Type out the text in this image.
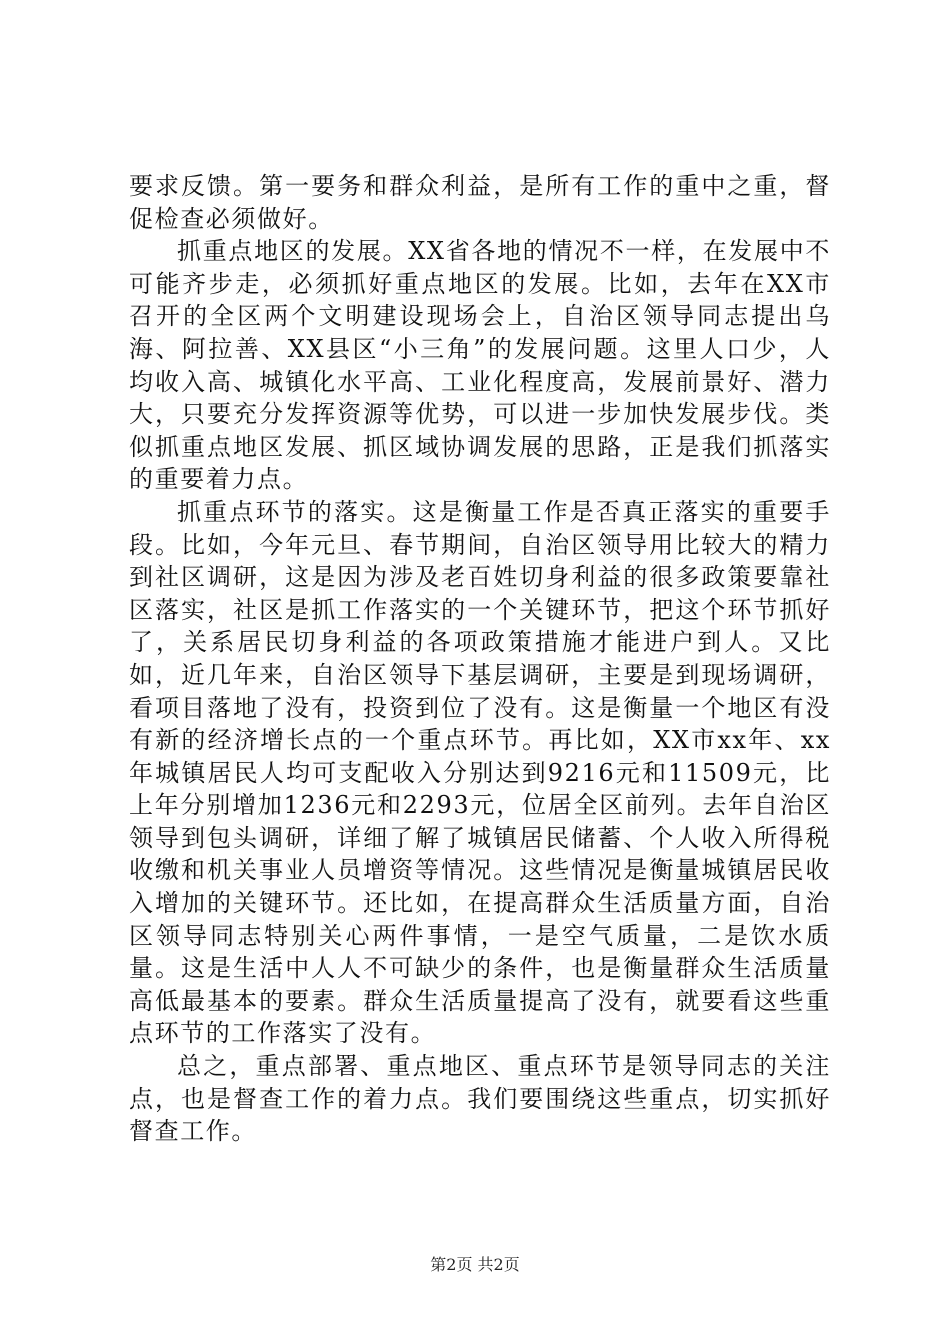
要求反馈。第一要务和群众利益，是所有工作的重中之重，督促检查必须做好。

抓重点地区的发展。XX省各地的情况不一样，在发展中不可能齐步走，必须抓好重点地区的发展。比如，去年在XX市召开的全区两个文明建设现场会上，自治区领导同志提出乌海、阿拉善、XX县区“小三角”的发展问题。这里人口少，人均收入高、城镇化水平高、工业化程度高，发展前景好、潜力大，只要充分发挥资源等优势，可以进一步加快发展步伐。类似抓重点地区发展、抓区域协调发展的思路，正是我们抓落实的重要着力点。

抓重点环节的落实。这是衡量工作是否真正落实的重要手段。比如，今年元旦、春节期间，自治区领导用比较大的精力到社区调研，这是因为涉及老百姓切身利益的很多政策要靠社区落实，社区是抓工作落实的一个关键环节，把这个环节抓好了，关系居民切身利益的各项政策措施才能进户到人。又比如，近几年来，自治区领导下基层调研，主要是到现场调研，看项目落地了没有，投资到位了没有。这是衡量一个地区有没有新的经济增长点的一个重点环节。再比如，XX市xx年、xx年城镇居民人均可支配收入分别达到9216元和11509元，比上年分别增加1236元和2293元，位居全区前列。去年自治区领导到包头调研，详细了解了城镇居民储蓄、个人收入所得税收缴和机关事业人员增资等情况。这些情况是衡量城镇居民收入增加的关键环节。还比如，在提高群众生活质量方面，自治区领导同志特别关心两件事情，一是空气质量，二是饮水质量。这是生活中人人不可缺少的条件，也是衡量群众生活质量高低最基本的要素。群众生活质量提高了没有，就要看这些重点环节的工作落实了没有。

总之，重点部署、重点地区、重点环节是领导同志的关注点，也是督查工作的着力点。我们要围绕这些重点，切实抓好督查工作。

第2页 共2页
